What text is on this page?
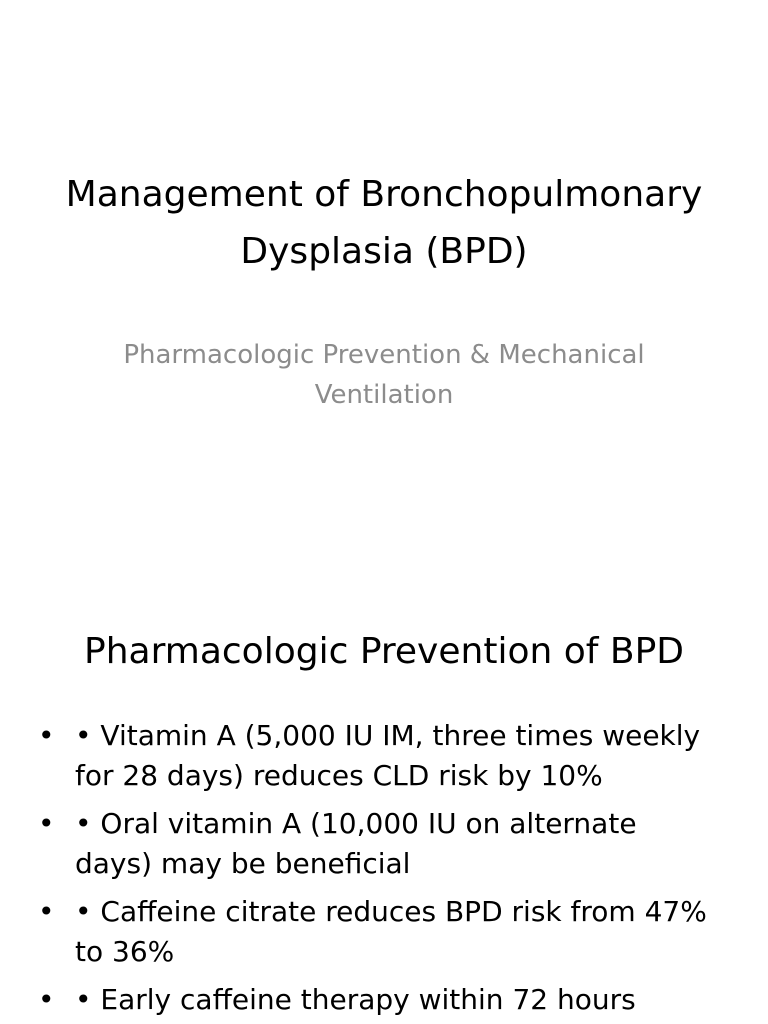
Management of Bronchopulmonary Dysplasia (BPD)

Pharmacologic Prevention & Mechanical Ventilation

Pharmacologic Prevention of BPD
• • Vitamin A (5,000 IU IM, three times weekly for 28 days) reduces CLD risk by 10%
• • Oral vitamin A (10,000 IU on alternate days) may be beneficial
• • Caffeine citrate reduces BPD risk from 47% to 36%
• • Early caffeine therapy within 72 hours
